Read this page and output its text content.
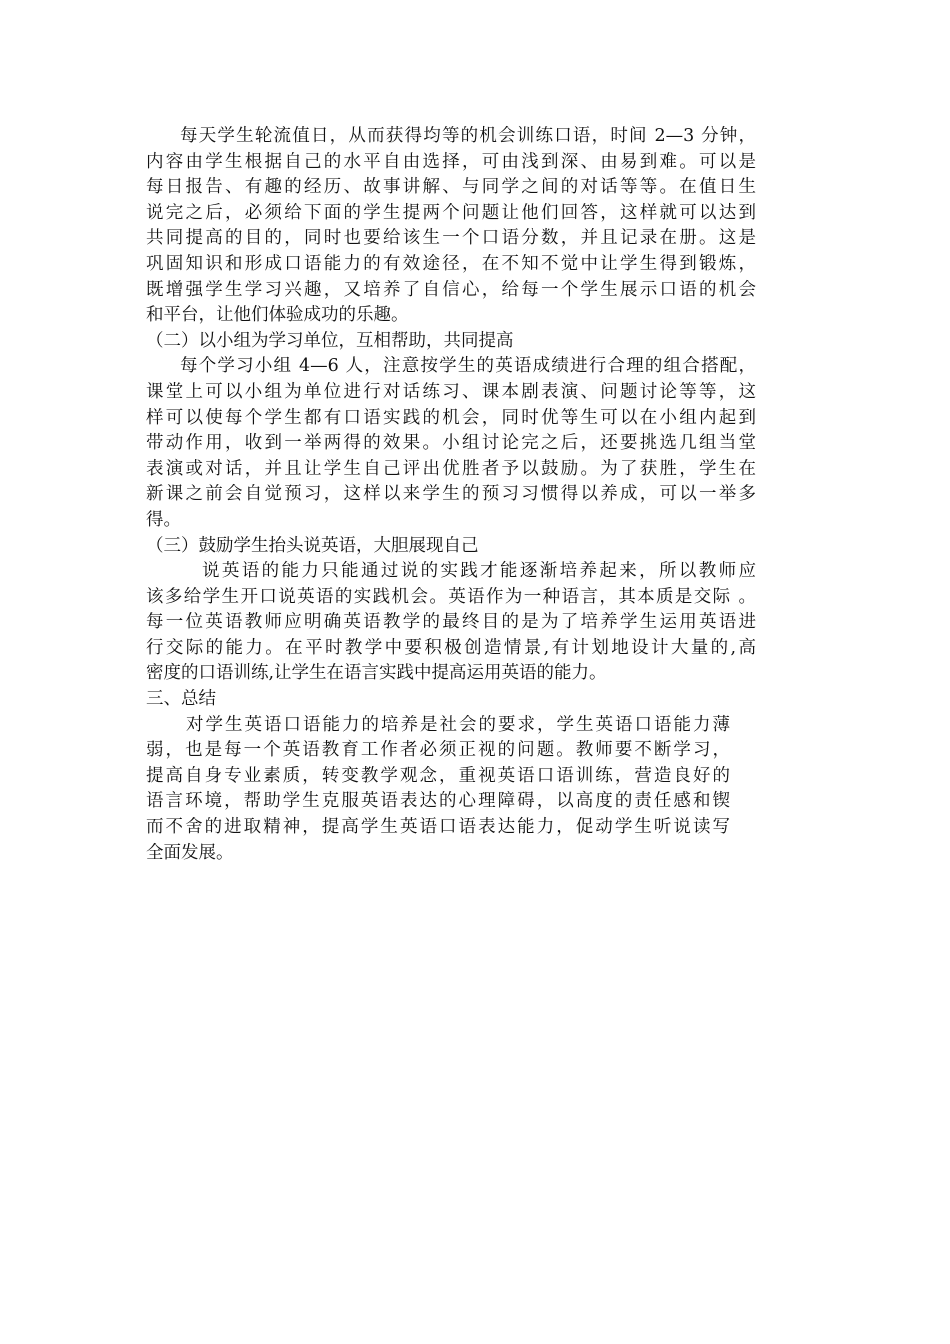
每天学生轮流值日，从而获得均等的机会训练口语，时间 2—3 分钟，
内容由学生根据自己的水平自由选择，可由浅到深、由易到难。可以是
每日报告、有趣的经历、故事讲解、与同学之间的对话等等。在值日生
说完之后，必须给下面的学生提两个问题让他们回答，这样就可以达到
共同提高的目的，同时也要给该生一个口语分数，并且记录在册。这是
巩固知识和形成口语能力的有效途径，在不知不觉中让学生得到锻炼，
既增强学生学习兴趣，又培养了自信心，给每一个学生展示口语的机会
和平台，让他们体验成功的乐趣。
（二）以小组为学习单位，互相帮助，共同提高
每个学习小组 4—6 人，注意按学生的英语成绩进行合理的组合搭配，
课堂上可以小组为单位进行对话练习、课本剧表演、问题讨论等等，这
样可以使每个学生都有口语实践的机会，同时优等生可以在小组内起到
带动作用，收到一举两得的效果。小组讨论完之后，还要挑选几组当堂
表演或对话，并且让学生自己评出优胜者予以鼓励。为了获胜，学生在
新课之前会自觉预习，这样以来学生的预习习惯得以养成，可以一举多
得。
（三）鼓励学生抬头说英语，大胆展现自己
说英语的能力只能通过说的实践才能逐渐培养起来，所以教师应
该多给学生开口说英语的实践机会。英语作为一种语言，其本质是交际 。
每一位英语教师应明确英语教学的最终目的是为了培养学生运用英语进
行交际的能力。在平时教学中要积极创造情景,有计划地设计大量的,高
密度的口语训练,让学生在语言实践中提高运用英语的能力。
三、总结
对学生英语口语能力的培养是社会的要求，学生英语口语能力薄
弱，也是每一个英语教育工作者必须正视的问题。教师要不断学习，
提高自身专业素质，转变教学观念，重视英语口语训练，营造良好的
语言环境，帮助学生克服英语表达的心理障碍，以高度的责任感和锲
而不舍的进取精神，提高学生英语口语表达能力，促动学生听说读写
全面发展。
